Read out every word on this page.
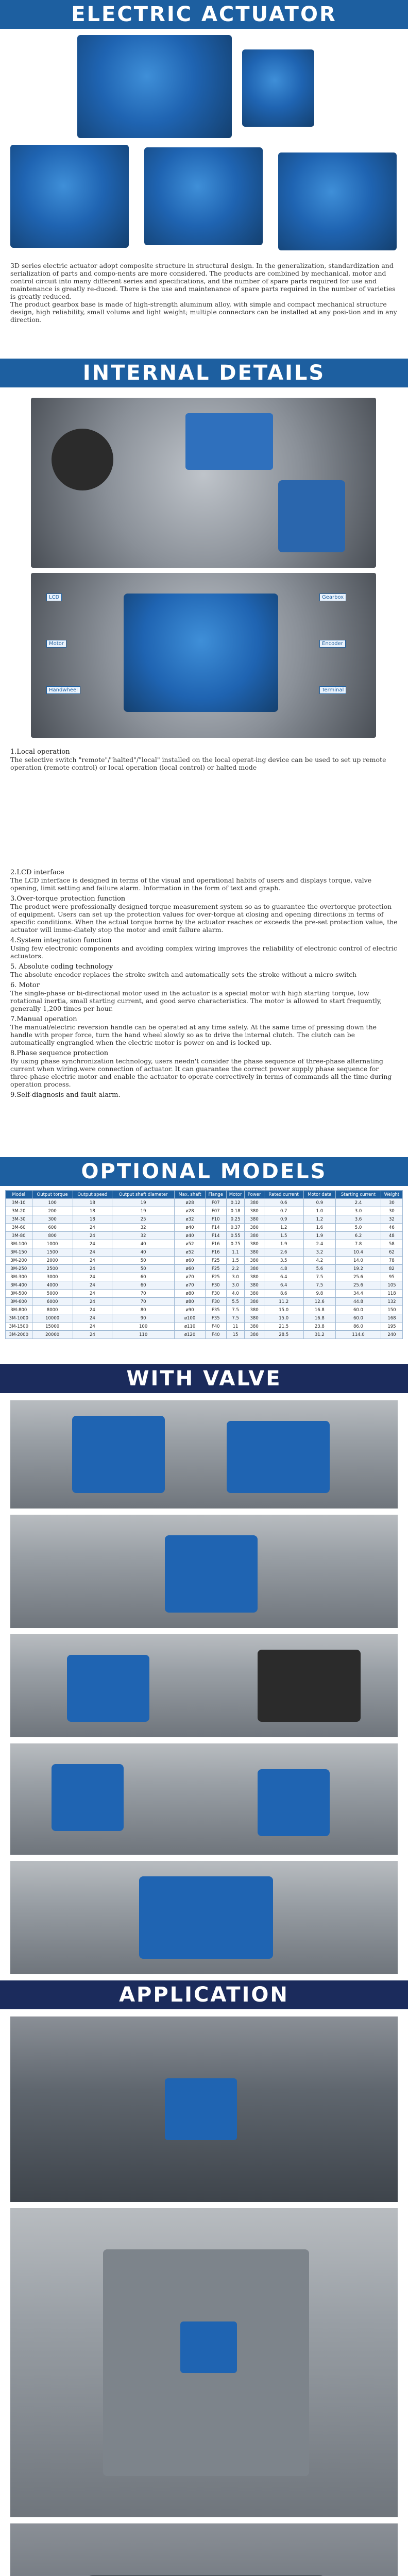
ELECTRIC ACTUATOR

3D series electric actuator adopt composite structure in structural design. In the generalization, standardization and serialization of parts and compo-nents are more considered. The products are combined by mechanical, motor and control circuit into many different series and specifications, and the number of spare parts required for use and maintenance is greatly re-duced. There is the use and maintenance of spare parts required in the number of varieties is greatly reduced.
The product gearbox base is made of high-strength aluminum alloy, with simple and compact mechanical structure design, high reliability, small volume and light weight; multiple connectors can be installed at any posi-tion and in any direction.

INTERNAL DETAILS
LCD
Motor
Handwheel
Gearbox
Encoder
Terminal

1.Local operation

The selective switch "remote"/"halted"/"local" installed on the local operat-ing device can be used to set up remote operation (remote control) or local operation (local control) or halted mode

2.LCD interface

The LCD interface is designed in terms of the visual and operational habits of users and displays torque, valve opening, limit setting and failure alarm. Information in the form of text and graph.

3.Over-torque protection function

The product were professionally designed torque measurement system so as to guarantee the overtorque protection of equipment. Users can set up the protection values for over-torque at closing and opening directions in terms of specific conditions. When the actual torque borne by the actuator reaches or exceeds the pre-set protection value, the actuator will imme-diately stop the motor and emit failure alarm.

4.System integration function

Using few electronic components and avoiding complex wiring improves the reliability of electronic control of electric actuators.

5. Absolute coding technology

The absolute encoder replaces the stroke switch and automatically sets the stroke without a micro switch

6. Motor

The single-phase or bi-directional motor used in the actuator is a special motor with high starting torque, low rotational inertia, small starting current, and good servo characteristics. The motor is allowed to start frequently, generally 1,200 times per hour.

7.Manual operation

The manual/electric reversion handle can be operated at any time safely. At the same time of pressing down the handle with proper force, turn the hand wheel slowly so as to drive the internal clutch. The clutch can be automatically engrangled when the electric motor is power on and is locked up.

8.Phase sequence protection

By using phase synchronization technology, users needn't consider the phase sequence of three-phase alternating current when wiring.were connection of actuator. It can guarantee the correct power supply phase sequence for three-phase electric motor and enable the actuator to operate correctively in terms of commands all the time during operation process.

9.Self-diagnosis and fault alarm.

OPTIONAL MODELS
Model	Output torque	Output speed	Output shaft diameter	Max. shaft	Flange	Motor	Power	Rated current	Motor data	Starting current	Weight
3M-10	100	18	19	ø28	F07	0.12	380	0.6	0.9	2.4	30
3M-20	200	18	19	ø28	F07	0.18	380	0.7	1.0	3.0	30
3M-30	300	18	25	ø32	F10	0.25	380	0.9	1.2	3.6	32
3M-60	600	24	32	ø40	F14	0.37	380	1.2	1.6	5.0	46
3M-80	800	24	32	ø40	F14	0.55	380	1.5	1.9	6.2	48
3M-100	1000	24	40	ø52	F16	0.75	380	1.9	2.4	7.8	58
3M-150	1500	24	40	ø52	F16	1.1	380	2.6	3.2	10.4	62
3M-200	2000	24	50	ø60	F25	1.5	380	3.5	4.2	14.0	78
3M-250	2500	24	50	ø60	F25	2.2	380	4.8	5.6	19.2	82
3M-300	3000	24	60	ø70	F25	3.0	380	6.4	7.5	25.6	95
3M-400	4000	24	60	ø70	F30	3.0	380	6.4	7.5	25.6	105
3M-500	5000	24	70	ø80	F30	4.0	380	8.6	9.8	34.4	118
3M-600	6000	24	70	ø80	F30	5.5	380	11.2	12.6	44.8	132
3M-800	8000	24	80	ø90	F35	7.5	380	15.0	16.8	60.0	150
3M-1000	10000	24	90	ø100	F35	7.5	380	15.0	16.8	60.0	168
3M-1500	15000	24	100	ø110	F40	11	380	21.5	23.8	86.0	195
3M-2000	20000	24	110	ø120	F40	15	380	28.5	31.2	114.0	240
WITH VALVE
APPLICATION
